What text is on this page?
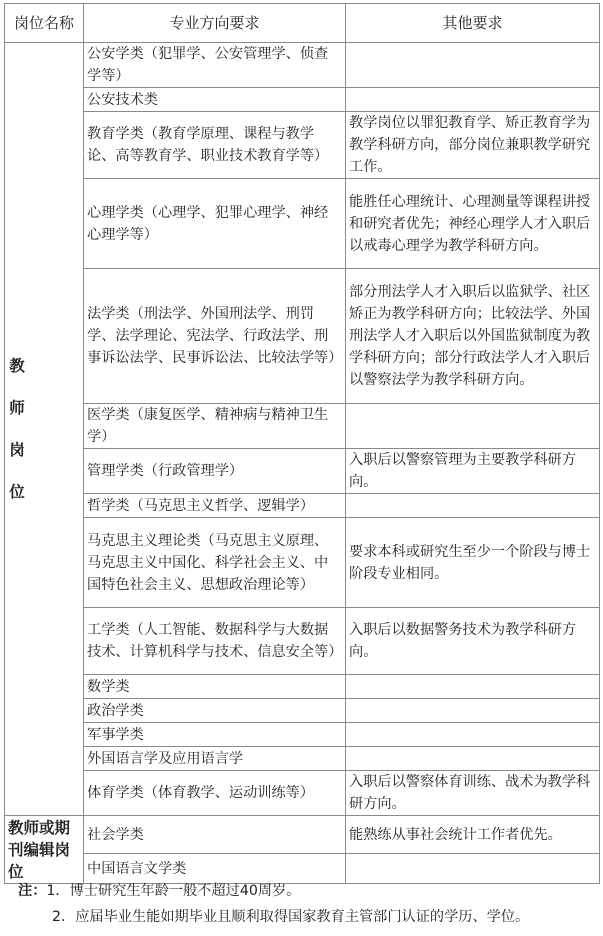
岗位名称	专业方向要求	其他要求
教师岗位	公安学类（犯罪学、公安管理学、侦查学等）	
	公安技术类	
	教育学类（教育学原理、课程与教学论、高等教育学、职业技术教育学等）	教学岗位以罪犯教育学、矫正教育学为教学科研方向，部分岗位兼职教学研究工作。
	心理学类（心理学、犯罪心理学、神经心理学等）	能胜任心理统计、心理测量等课程讲授和研究者优先；神经心理学人才入职后以戒毒心理学为教学科研方向。
	法学类（刑法学、外国刑法学、刑罚学、法学理论、宪法学、行政法学、刑事诉讼法学、民事诉讼法、比较法学等）	部分刑法学人才入职后以监狱学、社区矫正为教学科研方向；比较法学、外国刑法学人才入职后以外国监狱制度为教学科研方向；部分行政法学人才入职后以警察法学为教学科研方向。
	医学类（康复医学、精神病与精神卫生学）	
	管理学类（行政管理学）	入职后以警察管理为主要教学科研方向。
	哲学类（马克思主义哲学、逻辑学）	
	马克思主义理论类（马克思主义原理、马克思主义中国化、科学社会主义、中国特色社会主义、思想政治理论等）	要求本科或研究生至少一个阶段与博士阶段专业相同。
	工学类（人工智能、数据科学与大数据技术、计算机科学与技术、信息安全等）	入职后以数据警务技术为教学科研方向。
	数学类	
	政治学类	
	军事学类	
	外国语言学及应用语言学	
	体育学类（体育教学、运动训练等）	入职后以警察体育训练、战术为教学科研方向。
教师或期刊编辑岗位	社会学类	能熟练从事社会统计工作者优先。
	中国语言文学类	
注：1．博士研究生年龄一般不超过40周岁。
2．应届毕业生能如期毕业且顺利取得国家教育主管部门认证的学历、学位。
